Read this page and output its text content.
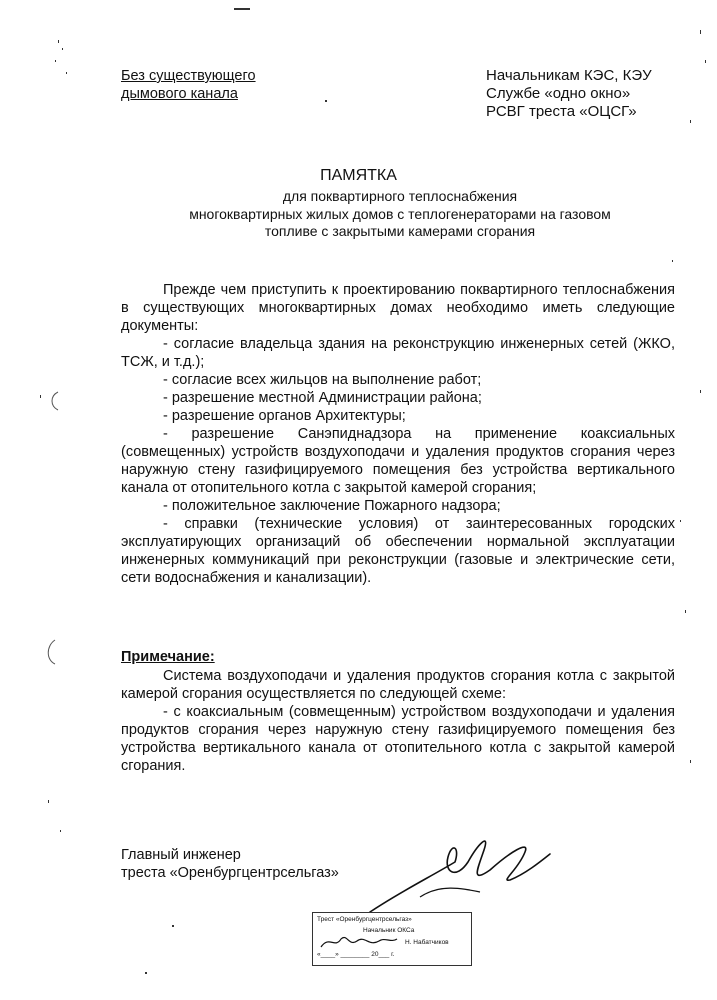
Без существующего
дымового канала
Начальникам КЭС, КЭУ
Службе «одно окно»
РСВГ треста «ОЦСГ»
ПАМЯТКА
для поквартирного теплоснабжения
многоквартирных жилых домов с теплогенераторами на газовом
топливе с закрытыми камерами сгорания

Прежде чем приступить к проектированию поквартирного теплоснабжения в существующих многоквартирных домах необходимо иметь следующие документы:

- согласие владельца здания на реконструкцию инженерных сетей (ЖКО, ТСЖ, и т.д.);

- согласие всех жильцов на выполнение работ;

- разрешение местной Администрации района;

- разрешение органов Архитектуры;

- разрешение Санэпиднадзора на применение коаксиальных (совмещенных) устройств воздухоподачи и удаления продуктов сгорания через наружную стену газифицируемого помещения без устройства вертикального канала от отопительного котла с закрытой камерой сгорания;

- положительное заключение Пожарного надзора;

- справки (технические условия) от заинтересованных городских эксплуатирующих организаций об обеспечении нормальной эксплуатации инженерных коммуникаций при реконструкции (газовые и электрические сети, сети водоснабжения и канализации).

Примечание:

Система воздухоподачи и удаления продуктов сгорания котла с закрытой камерой сгорания осуществляется по следующей схеме:

- с коаксиальным (совмещенным) устройством воздухоподачи и удаления продуктов сгорания через наружную стену газифицируемого помещения без устройства вертикального канала от отопительного котла с закрытой камерой сгорания.

Главный инженер
треста «Оренбургцентрсельгаз»
Трест «Оренбургцентрсельгаз»
Начальник ОКСа
Н. Набатчиков
«____» ________ 20___ г.
